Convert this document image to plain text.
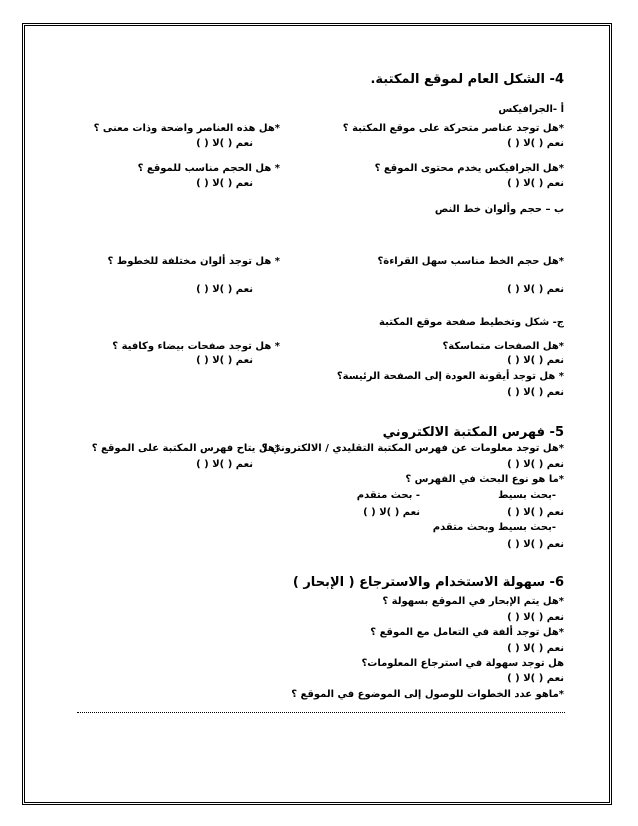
4- الشكل العام لموقع المكتبة.
أ -الجرافيكس
*هل توجد عناصر متحركة على موقع المكتبة ؟
*هل هذه العناصر واضحة وذات معنى ؟
نعم ( )لا ( )
نعم ( )لا ( )
*هل الجرافيكس يخدم محتوى الموقع ؟
* هل الحجم مناسب للموقع ؟
نعم ( )لا ( )
نعم ( )لا ( )
ب – حجم وألوان خط النص
*هل حجم الخط مناسب سهل القراءة؟
* هل توجد ألوان مختلفة للخطوط ؟
نعم ( )لا ( )
نعم ( )لا ( )
ج- شكل وتخطيط صفحة موقع المكتبة
*هل الصفحات متماسكة؟
* هل توجد صفحات بيضاء وكافية ؟
نعم ( )لا ( )
نعم ( )لا ( )
* هل توجد أيقونة العودة إلى الصفحة الرئيسة؟
نعم ( )لا ( )
5- فهرس المكتبة الالكتروني
*هل توجد معلومات عن فهرس المكتبة التقليدي / الالكتروني ؟
*هل يتاح فهرس المكتبة على الموقع ؟
نعم ( )لا ( )
نعم ( )لا ( )
*ما هو نوع البحث في الفهرس ؟
-بحث بسيط
- بحث متقدم
نعم ( )لا ( )
نعم ( )لا ( )
-بحث بسيط وبحث متقدم
نعم ( )لا ( )
6- سهولة الاستخدام والاسترجاع ( الإبحار )
*هل يتم الإبحار في الموقع بسهولة ؟
نعم ( )لا ( )
*هل توجد ألفة في التعامل مع الموقع ؟
نعم ( )لا ( )
هل توجد سهولة في استرجاع المعلومات؟
نعم ( )لا ( )
*ماهو عدد الخطوات للوصول إلى الموضوع في الموقع ؟
